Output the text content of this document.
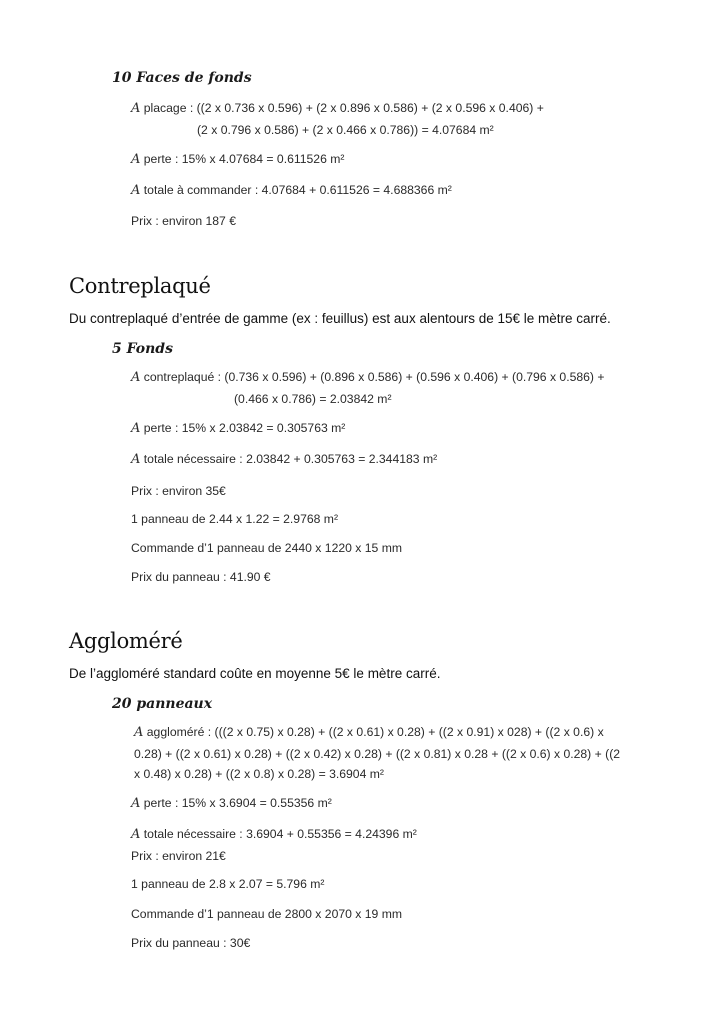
10 Faces de fonds
A placage : ((2 x 0.736 x 0.596) + (2 x 0.896 x 0.586) + (2 x 0.596 x 0.406) +
(2 x 0.796 x 0.586) + (2 x 0.466 x 0.786)) = 4.07684 m²
A perte : 15% x 4.07684 = 0.611526 m²
A totale à commander : 4.07684 + 0.611526 = 4.688366 m²
Prix : environ 187 €
Contreplaqué
Du contreplaqué d’entrée de gamme (ex : feuillus) est aux alentours de 15€ le mètre carré.
5 Fonds
A contreplaqué : (0.736 x 0.596) + (0.896 x 0.586) + (0.596 x 0.406) + (0.796 x 0.586) +
(0.466 x 0.786) = 2.03842 m²
A perte : 15% x 2.03842 = 0.305763 m²
A totale nécessaire : 2.03842 + 0.305763 = 2.344183 m²
Prix : environ 35€
1 panneau de 2.44 x 1.22 = 2.9768 m²
Commande d’1 panneau de 2440 x 1220 x 15 mm
Prix du panneau : 41.90 €
Aggloméré
De l’aggloméré standard coûte en moyenne 5€ le mètre carré.
20 panneaux
A aggloméré : (((2 x 0.75) x 0.28) + ((2 x 0.61) x 0.28) + ((2 x 0.91) x 028) + ((2 x 0.6) x
0.28) + ((2 x 0.61) x 0.28) + ((2 x 0.42) x 0.28) + ((2 x 0.81) x 0.28 + ((2 x 0.6) x 0.28) + ((2
x 0.48) x 0.28) + ((2 x 0.8) x 0.28) = 3.6904 m²
A perte : 15% x 3.6904 = 0.55356 m²
A totale nécessaire : 3.6904 + 0.55356 = 4.24396 m²
Prix : environ 21€
1 panneau de 2.8 x 2.07 = 5.796 m²
Commande d’1 panneau de 2800 x 2070 x 19 mm
Prix du panneau : 30€
